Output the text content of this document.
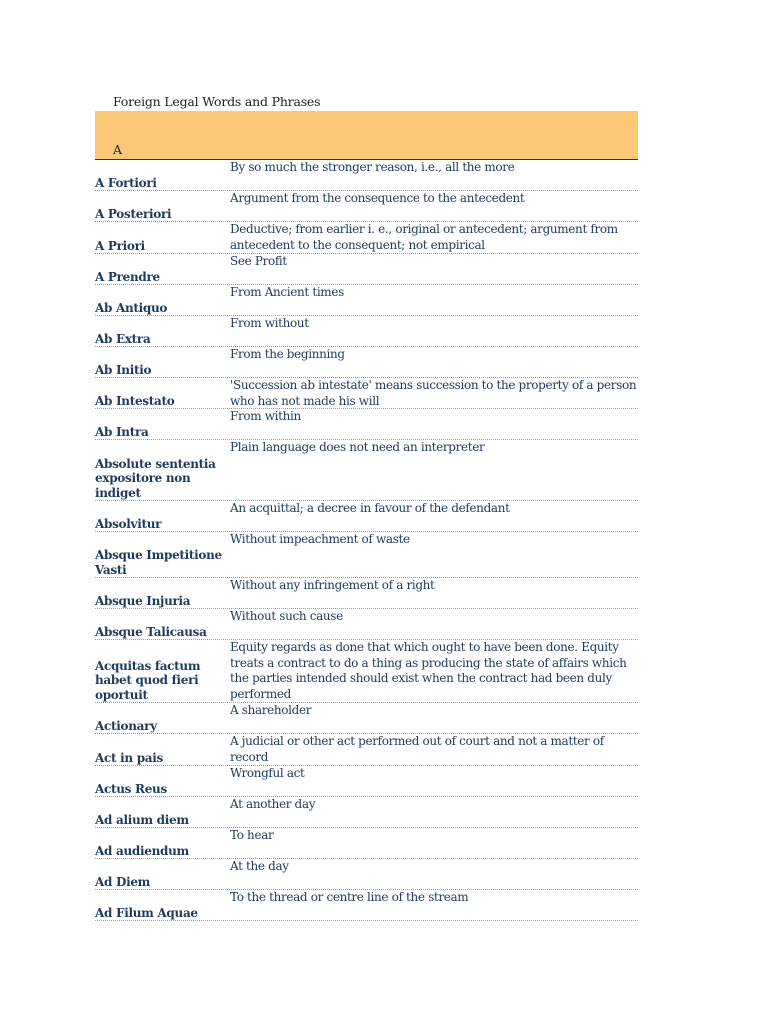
Foreign Legal Words and Phrases
A
A Fortiori
By so much the stronger reason, i.e., all the more
A Posteriori
Argument from the consequence to the antecedent
A Priori
Deductive; from earlier i. e., original or antecedent; argument from antecedent to the consequent; not empirical
A Prendre
See Profit
Ab Antiquo
From Ancient times
Ab Extra
From without
Ab Initio
From the beginning
Ab Intestato
'Succession ab intestate' means succession to the property of a person who has not made his will
Ab Intra
From within
Absolute sententia expositore non indiget
Plain language does not need an interpreter
Absolvitur
An acquittal; a decree in favour of the defendant
Absque Impetitione Vasti
Without impeachment of waste
Absque Injuria
Without any infringement of a right
Absque Talicausa
Without such cause
Acquitas factum habet quod fieri oportuit
Equity regards as done that which ought to have been done. Equity treats a contract to do a thing as producing the state of affairs which the parties intended should exist when the contract had been duly performed
Actionary
A shareholder
Act in pais
A judicial or other act performed out of court and not a matter of record
Actus Reus
Wrongful act
Ad alium diem
At another day
Ad audiendum
To hear
Ad Diem
At the day
Ad Filum Aquae
To the thread or centre line of the stream
